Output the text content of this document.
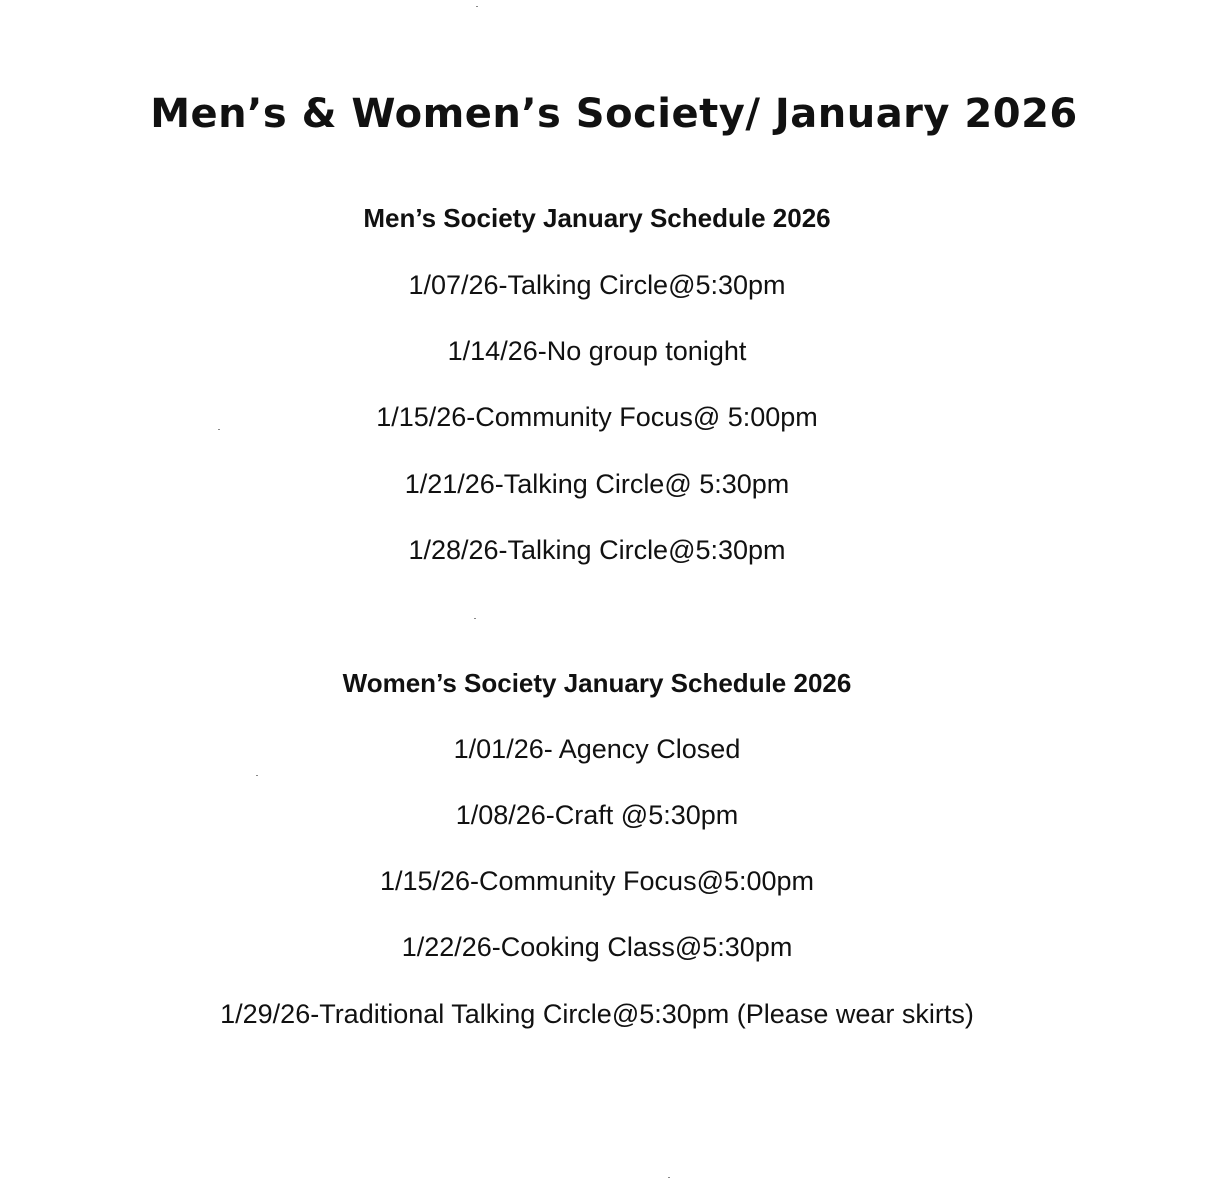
Men’s & Women’s Society/ January 2026
Men’s Society January Schedule 2026

1/07/26-Talking Circle@5:30pm

1/14/26-No group tonight

1/15/26-Community Focus@ 5:00pm

1/21/26-Talking Circle@ 5:30pm

1/28/26-Talking Circle@5:30pm

Women’s Society January Schedule 2026

1/01/26- Agency Closed

1/08/26-Craft @5:30pm

1/15/26-Community Focus@5:00pm

1/22/26-Cooking Class@5:30pm

1/29/26-Traditional Talking Circle@5:30pm (Please wear skirts)
